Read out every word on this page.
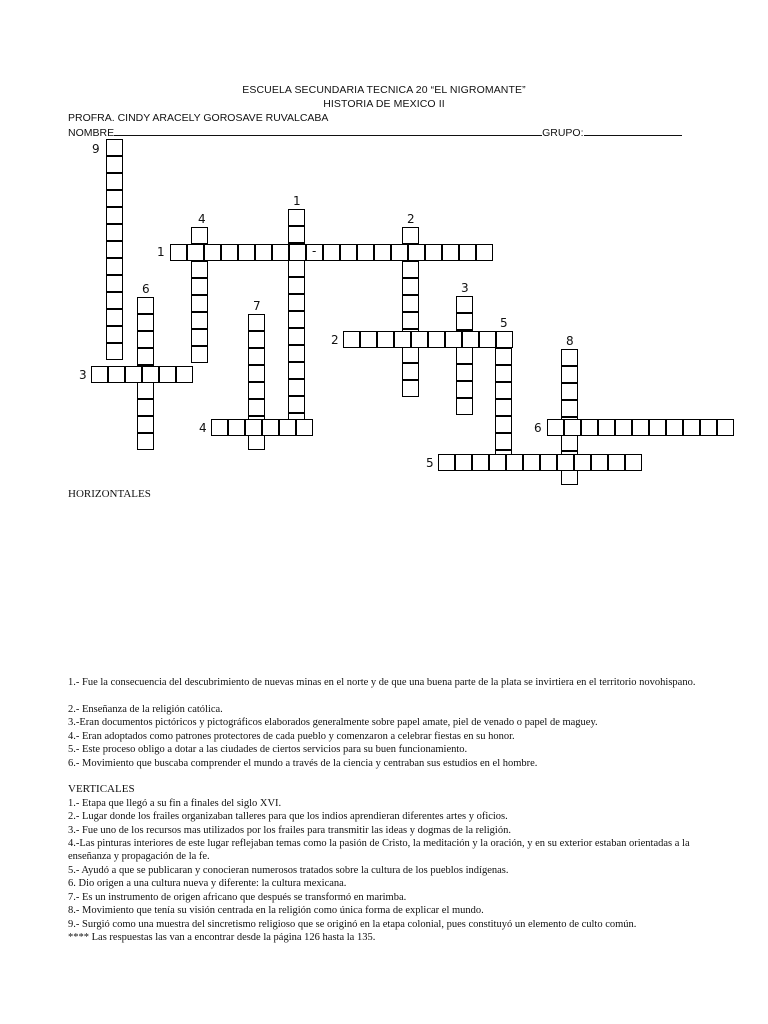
ESCUELA SECUNDARIA TECNICA 20 “EL NIGROMANTE”
HISTORIA DE MEXICO II
PROFRA. CINDY ARACELY GOROSAVE RUVALCABA
NOMBRE	GRUPO:
1
2
3
4
5
6
7
8
9
-
1
2
3
4
5
6
HORIZONTALES
1.- Fue la consecuencia del descubrimiento de nuevas minas en el norte y de que una buena parte de la plata se invirtiera en el territorio novohispano.
2.- Enseñanza de la religión católica.
3.-Eran documentos pictóricos y pictográficos elaborados generalmente sobre papel amate, piel de venado o papel de maguey.
4.- Eran adoptados como patrones protectores de cada pueblo y comenzaron a celebrar fiestas en su honor.
5.- Este proceso obligo a dotar a las ciudades de ciertos servicios para su buen funcionamiento.
6.- Movimiento que buscaba comprender el mundo a través de la ciencia y centraban sus estudios en el hombre.
VERTICALES
1.- Etapa que llegó a su fin a finales del siglo XVI.
2.- Lugar donde los frailes organizaban talleres para que los indios aprendieran diferentes artes y oficios.
3.- Fue uno de los recursos mas utilizados por los frailes para transmitir las ideas y dogmas de la religión.
4.-Las pinturas interiores de este lugar reflejaban temas como la pasión de Cristo, la meditación y la oración, y en su exterior estaban orientadas a la enseñanza y propagación de la fe.
5.- Ayudó a que se publicaran y conocieran numerosos tratados sobre la cultura de los pueblos indígenas.
6. Dio origen a una cultura nueva y diferente: la cultura mexicana.
7.- Es un instrumento de origen africano que después se transformó en marimba.
8.- Movimiento que tenía su visión centrada en la religión como única forma de explicar el mundo.
9.- Surgió como una muestra del sincretismo religioso que se originó en la etapa colonial, pues constituyó un elemento de culto común.
**** Las respuestas las van a encontrar desde la página 126 hasta la 135.
